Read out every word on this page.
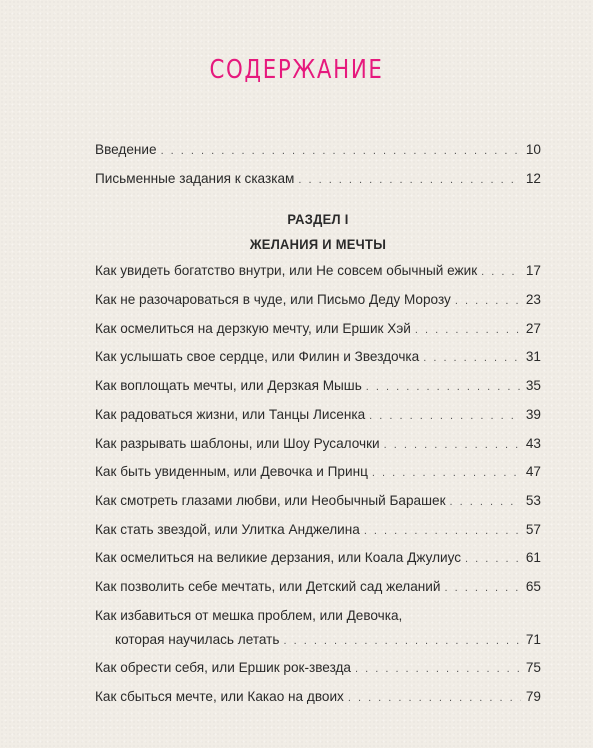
СОДЕРЖАНИЕ
Введение . . .	10
Письменные задания к сказкам . . .	12
РАЗДЕЛ I
ЖЕЛАНИЯ И МЕЧТЫ
Как увидеть богатство внутри, или Не совсем обычный ежик . . .	17
Как не разочароваться в чуде, или Письмо Деду Морозу . . .	23
Как осмелиться на дерзкую мечту, или Ершик Хэй . . .	27
Как услышать свое сердце, или Филин и Звездочка . . .	31
Как воплощать мечты, или Дерзкая Мышь . . .	35
Как радоваться жизни, или Танцы Лисенка . . .	39
Как разрывать шаблоны, или Шоу Русалочки . . .	43
Как быть увиденным, или Девочка и Принц . . .	47
Как смотреть глазами любви, или Необычный Барашек . . .	53
Как стать звездой, или Улитка Анджелина . . .	57
Как осмелиться на великие дерзания, или Коала Джулиус . . .	61
Как позволить себе мечтать, или Детский сад желаний . . .	65
Как избавиться от мешка проблем, или Девочка,
которая научилась летать . . .	71
Как обрести себя, или Ершик рок-звезда . . .	75
Как сбыться мечте, или Какао на двоих . . .	79
